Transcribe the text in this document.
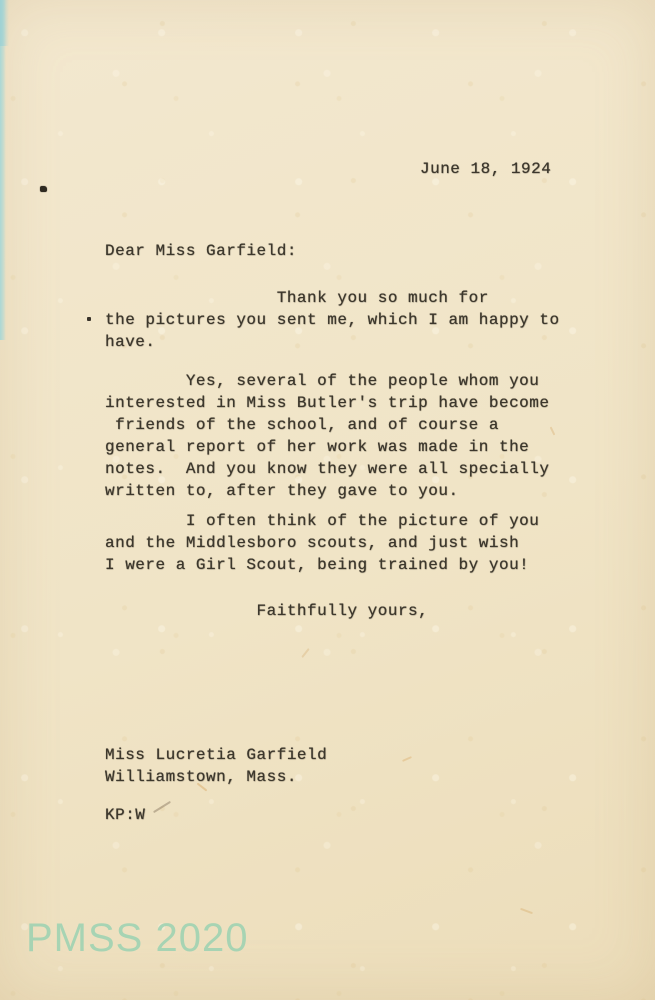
June 18, 1924
Dear Miss Garfield:
Thank you so much for
the pictures you sent me, which I am happy to
have.
Yes, several of the people whom you
interested in Miss Butler's trip have become
friends of the school, and of course a
general report of her work was made in the
notes.  And you know they were all specially
written to, after they gave to you.
I often think of the picture of you
and the Middlesboro scouts, and just wish
I were a Girl Scout, being trained by you!
Faithfully yours,
Miss Lucretia Garfield
Williamstown, Mass.
KP:W
PMSS 2020
